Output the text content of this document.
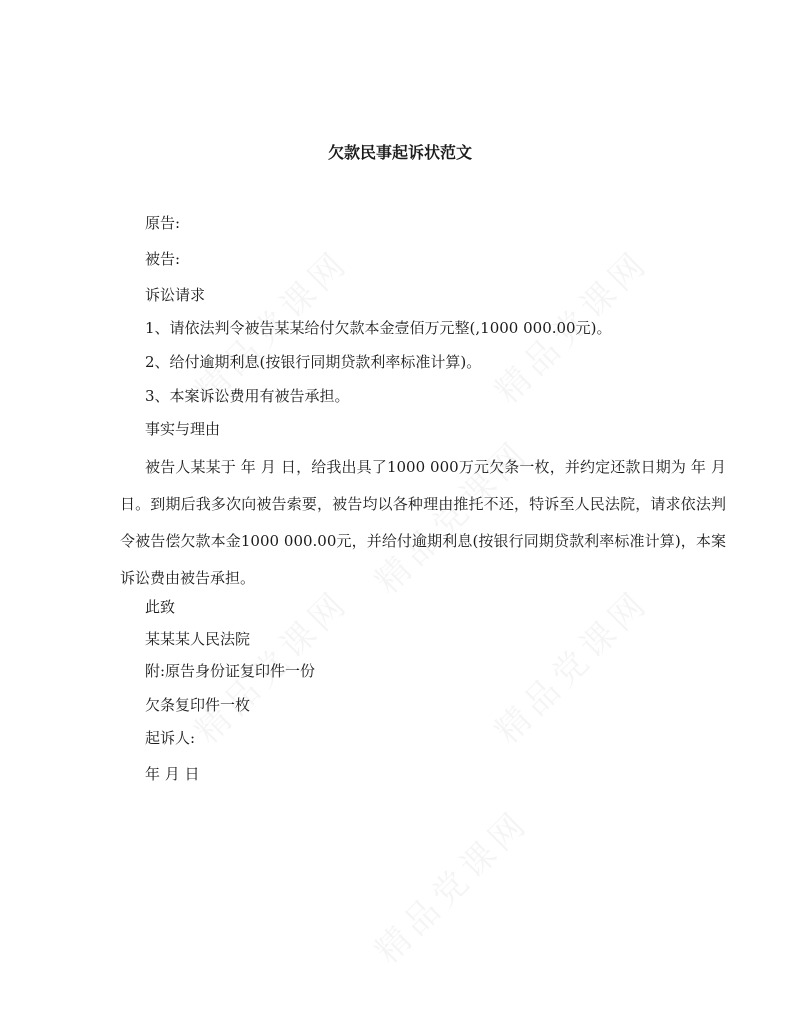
欠款民事起诉状范文
原告:
被告:
诉讼请求
1、请依法判令被告某某给付欠款本金壹佰万元整(,1000 000.00元)。
2、给付逾期利息(按银行同期贷款利率标准计算)。
3、本案诉讼费用有被告承担。
事实与理由
被告人某某于 年 月 日，给我出具了1000 000万元欠条一枚，并约定还款日期为 年 月 日。到期后我多次向被告索要，被告均以各种理由推托不还，特诉至人民法院，请求依法判令被告偿欠款本金1000 000.00元，并给付逾期利息(按银行同期贷款利率标准计算)，本案诉讼费由被告承担。
此致
某某某人民法院
附:原告身份证复印件一份
欠条复印件一枚
起诉人:
年 月 日
